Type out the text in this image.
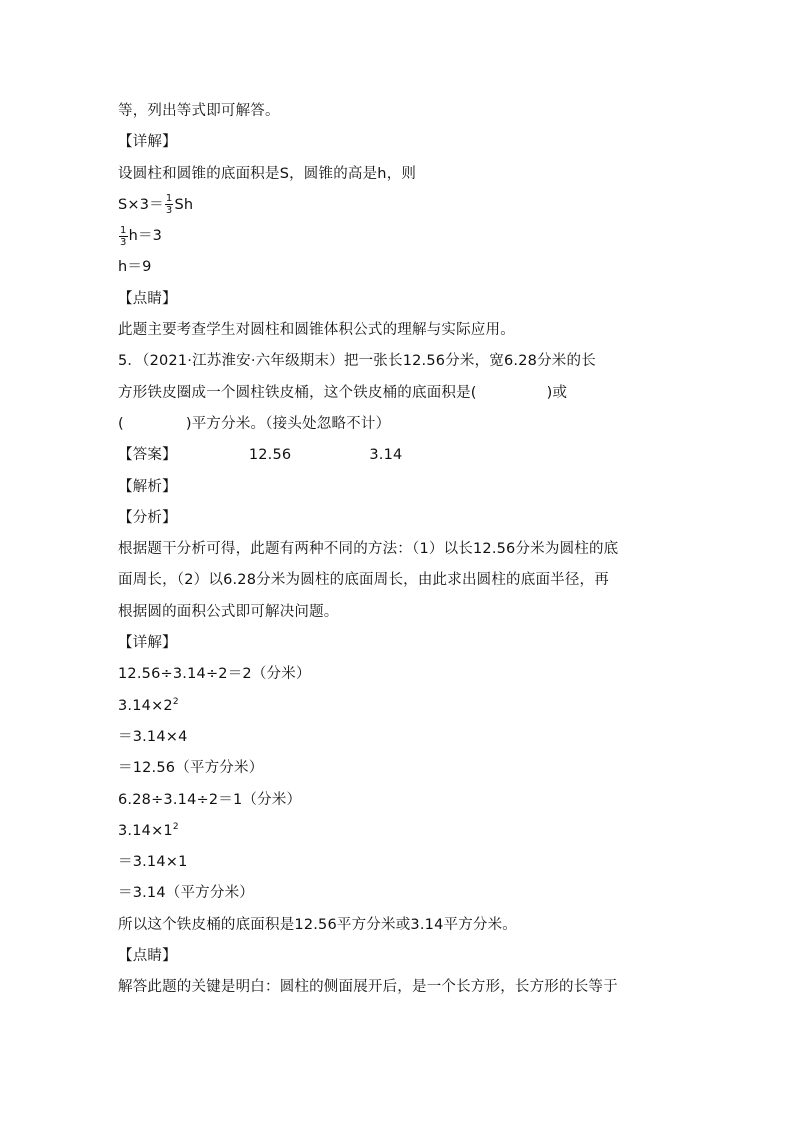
等，列出等式即可解答。
【详解】
设圆柱和圆锥的底面积是S，圆锥的高是h，则
$S\times 3= \frac{1}{3}$ Sh
$\frac{1}{3} h=3$
h＝9
【点睛】
此题主要考查学生对圆柱和圆锥体积公式的理解与实际应用。
5．（2021·江苏淮安·六年级期末）把一张长12.56分米，宽6.28分米的长
方形铁皮圈成一个圆柱铁皮桶，这个铁皮桶的底面积是(	)或
(	)平方分米。（接头处忽略不计）
【答案】	12.56	3.14
【解析】
【分析】
根据题干分析可得，此题有两种不同的方法：（1）以长12.56分米为圆柱的底
面周长，（2）以6.28分米为圆柱的底面周长，由此求出圆柱的底面半径，再
根据圆的面积公式即可解决问题。
【详解】
12.56÷3.14÷2＝2（分米）
$3.14\times 2^2$
＝3.14×4
＝12.56（平方分米）
6.28÷3.14÷2＝1（分米）
$3.14\times 1^2$
＝3.14×1
＝3.14（平方分米）
所以这个铁皮桶的底面积是12.56平方分米或3.14平方分米。
【点睛】
解答此题的关键是明白：圆柱的侧面展开后，是一个长方形，长方形的长等于
